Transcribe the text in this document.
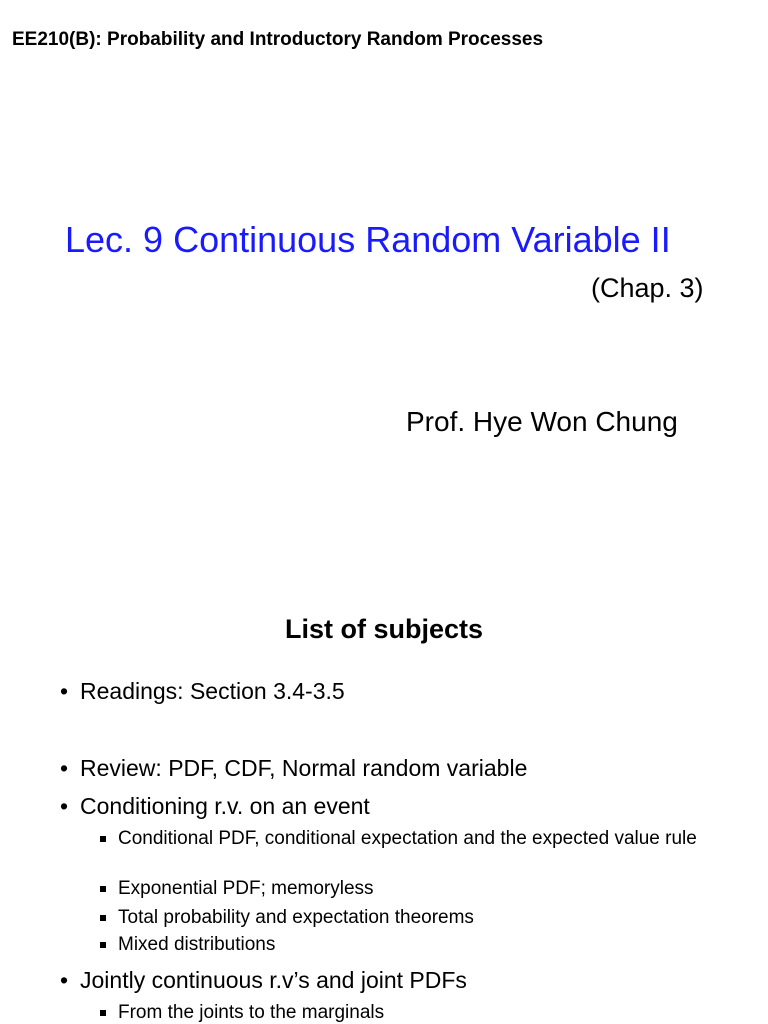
EE210(B): Probability and Introductory Random Processes
Lec. 9 Continuous Random Variable II
(Chap. 3)
Prof. Hye Won Chung
List of subjects
• Readings: Section 3.4-3.5
• Review: PDF, CDF, Normal random variable
• Conditioning r.v. on an event
Conditional PDF, conditional expectation and the expected value rule
Exponential PDF; memoryless
Total probability and expectation theorems
Mixed distributions
• Jointly continuous r.v’s and joint PDFs
From the joints to the marginals
